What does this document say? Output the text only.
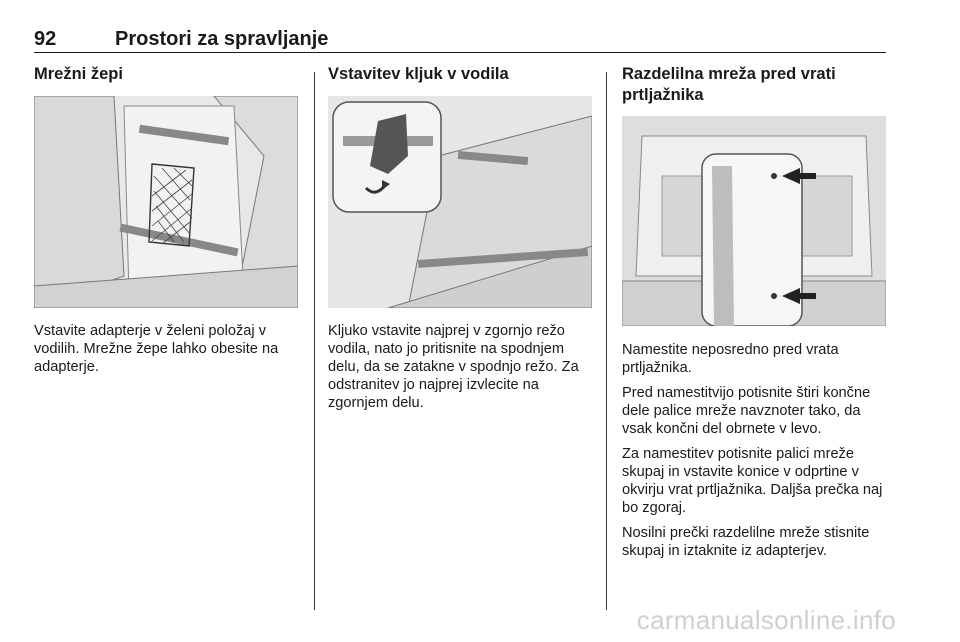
92	Prostori za spravljanje
Mrežni žepi

Vstavite adapterje v želeni položaj v vodilih. Mrežne žepe lahko obesite na adapterje.

Vstavitev kljuk v vodila

Kljuko vstavite najprej v zgornjo režo vodila, nato jo pritisnite na spodnjem delu, da se zatakne v spodnjo režo. Za odstranitev jo najprej izvlecite na zgornjem delu.

Razdelilna mreža pred vrati prtljažnika

Namestite neposredno pred vrata prtljažnika.

Pred namestitvijo potisnite štiri končne dele palice mreže navznoter tako, da vsak končni del obrnete v levo.

Za namestitev potisnite palici mreže skupaj in vstavite konice v odprtine v okvirju vrat prtljažnika. Daljša prečka naj bo zgoraj.

Nosilni prečki razdelilne mreže stisnite skupaj in iztaknite iz adapterjev.

carmanualsonline.info
